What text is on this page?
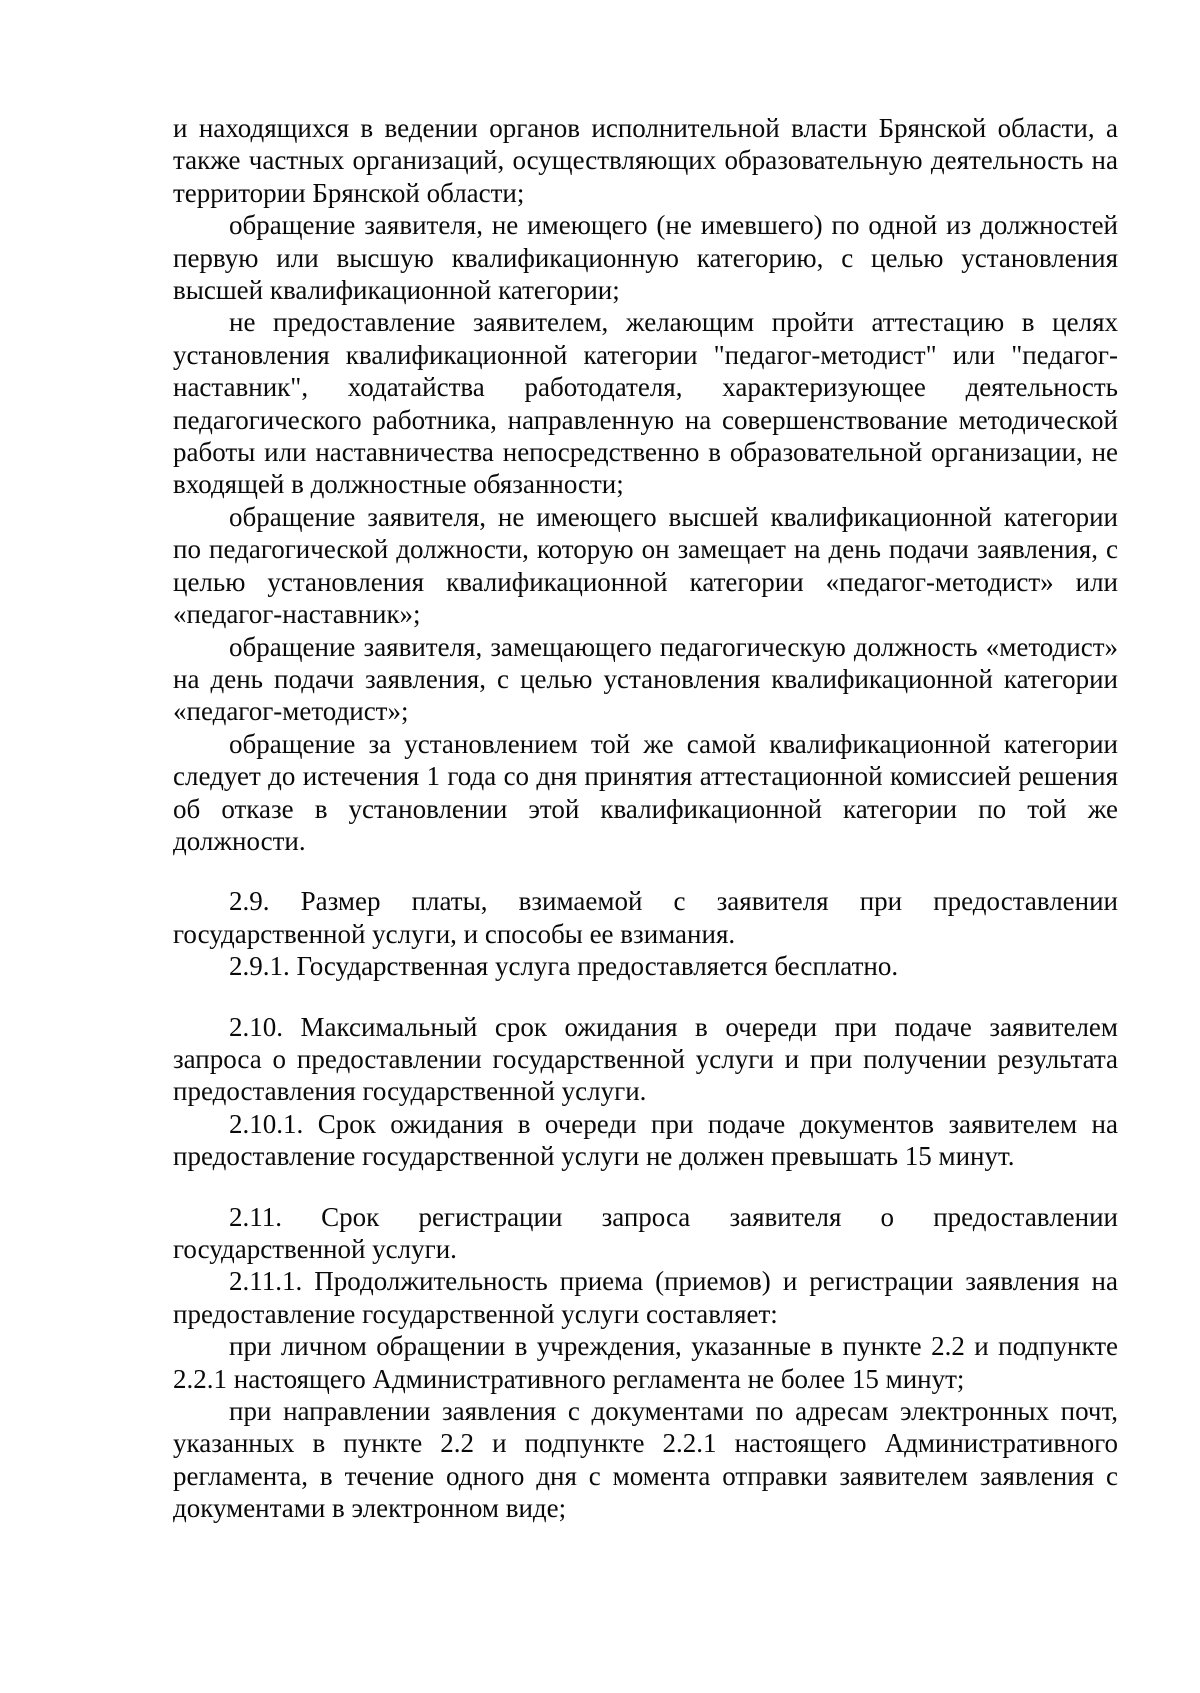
и находящихся в ведении органов исполнительной власти Брянской области, а также частных организаций, осуществляющих образовательную деятельность на территории Брянской области;

обращение заявителя, не имеющего (не имевшего) по одной из должностей первую или высшую квалификационную категорию, с целью установления высшей квалификационной категории;

не предоставление заявителем, желающим пройти аттестацию в целях установления квалификационной категории "педагог-методист" или "педагог-наставник", ходатайства работодателя, характеризующее деятельность педагогического работника, направленную на совершенствование методической работы или наставничества непосредственно в образовательной организации, не входящей в должностные обязанности;

обращение заявителя, не имеющего высшей квалификационной категории по педагогической должности, которую он замещает на день подачи заявления, с целью установления квалификационной категории «педагог-методист» или «педагог-наставник»;

обращение заявителя, замещающего педагогическую должность «методист» на день подачи заявления, с целью установления квалификационной категории «педагог-методист»;

обращение за установлением той же самой квалификационной категории следует до истечения 1 года со дня принятия аттестационной комиссией решения об отказе в установлении этой квалификационной категории по той же должности.

2.9. Размер платы, взимаемой с заявителя при предоставлении государственной услуги, и способы ее взимания.

2.9.1. Государственная услуга предоставляется бесплатно.

2.10. Максимальный срок ожидания в очереди при подаче заявителем запроса о предоставлении государственной услуги и при получении результата предоставления государственной услуги.

2.10.1. Срок ожидания в очереди при подаче документов заявителем на предоставление государственной услуги не должен превышать 15 минут.

2.11. Срок регистрации запроса заявителя о предоставлении государственной услуги.

2.11.1. Продолжительность приема (приемов) и регистрации заявления на предоставление государственной услуги составляет:

при личном обращении в учреждения, указанные в пункте 2.2 и подпункте 2.2.1 настоящего Административного регламента не более 15 минут;

при направлении заявления с документами по адресам электронных почт, указанных в пункте 2.2 и подпункте 2.2.1 настоящего Административного регламента, в течение одного дня с момента отправки заявителем заявления с документами в электронном виде;
